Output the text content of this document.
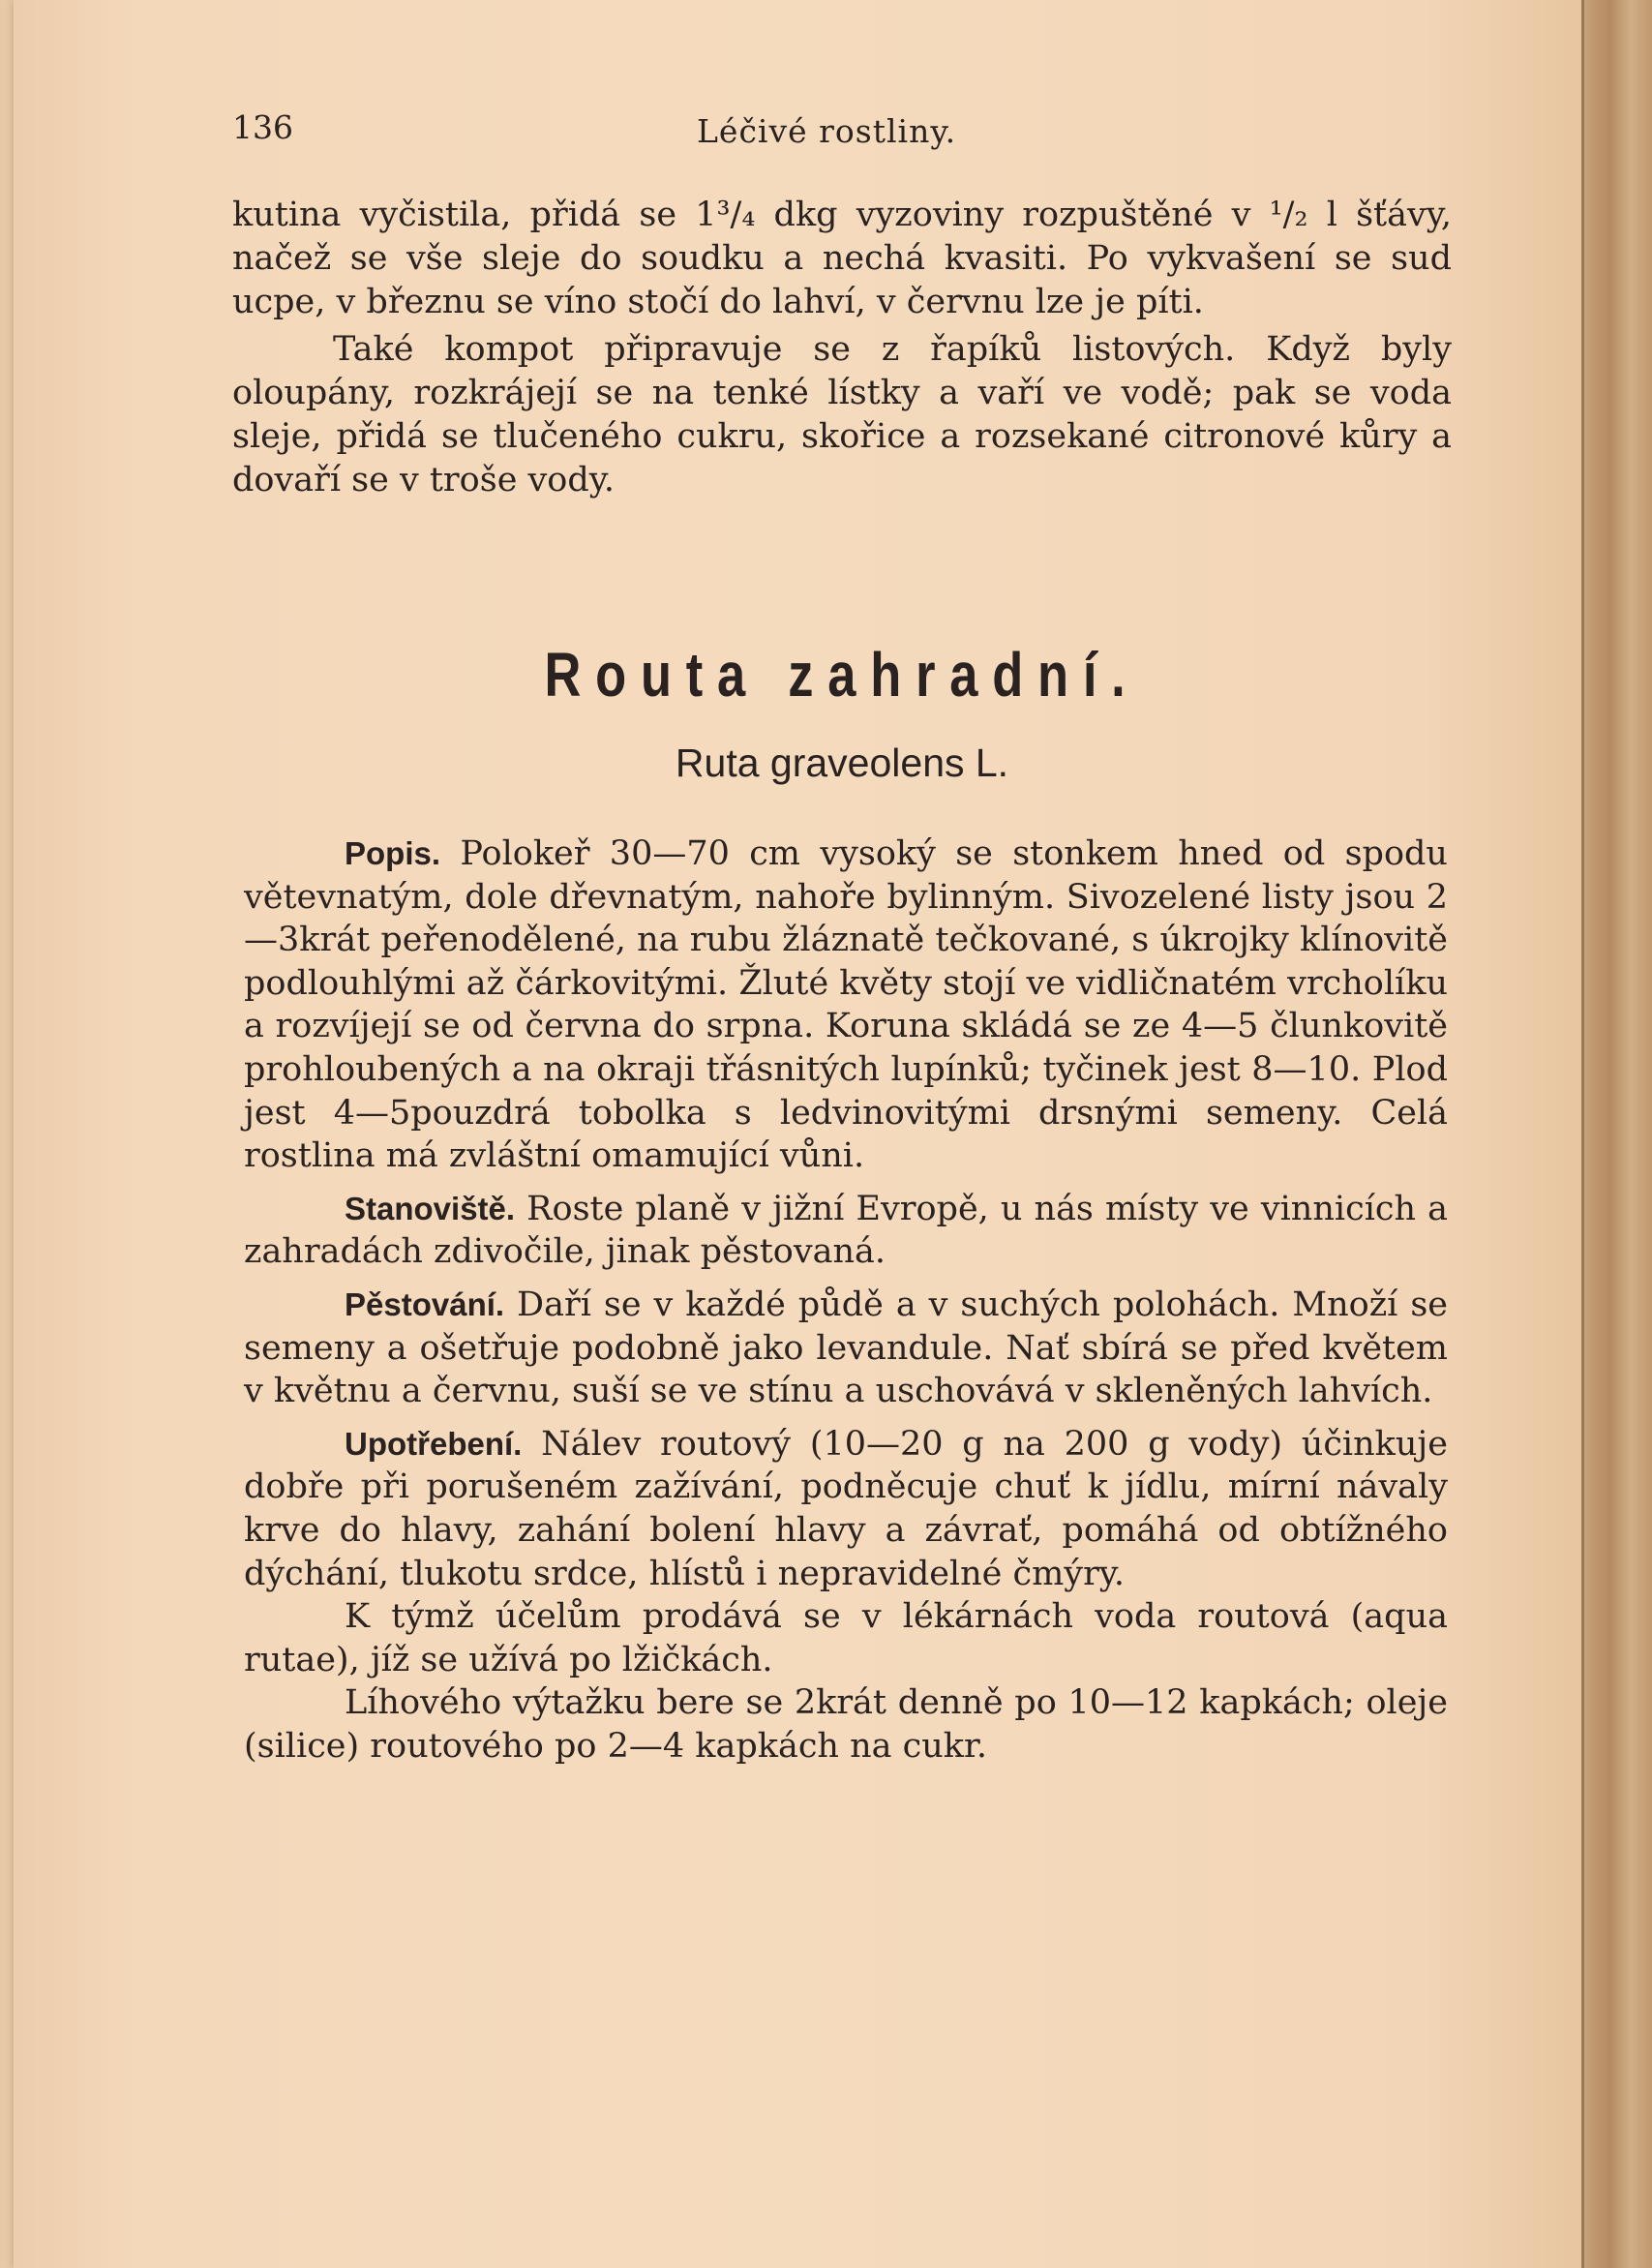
136	Léčivé rostliny.

kutina vyčistila, přidá se 1³/₄ dkg vyzoviny rozpuštěné v ¹/₂ l šťávy, načež se vše sleje do soudku a nechá kvasiti. Po vykvašení se sud ucpe, v březnu se víno stočí do lahví, v červnu lze je píti.

Také kompot připravuje se z řapíků listových. Když byly oloupány, rozkrájejí se na tenké lístky a vaří ve vodě; pak se voda sleje, přidá se tlučeného cukru, skořice a rozsekané citronové kůry a dovaří se v troše vody.

Routa zahradní.
Ruta graveolens L.

Popis. Polokeř 30—70 cm vysoký se stonkem hned od spodu větevnatým, dole dřevnatým, nahoře bylinným. Sivozelené listy jsou 2—3krát peřenodělené, na rubu žláznatě tečkované, s úkrojky klínovitě podlouhlými až čárkovitými. Žluté květy stojí ve vidličnatém vrcholíku a rozvíjejí se od června do srpna. Koruna skládá se ze 4—5 člunkovitě prohloubených a na okraji třásnitých lupínků; tyčinek jest 8—10. Plod jest 4—5pouzdrá tobolka s ledvinovitými drsnými semeny. Celá rostlina má zvláštní omamující vůni.

Stanoviště. Roste planě v jižní Evropě, u nás místy ve vinnicích a zahradách zdivočile, jinak pěstovaná.

Pěstování. Daří se v každé půdě a v suchých polohách. Množí se semeny a ošetřuje podobně jako levandule. Nať sbírá se před květem v květnu a červnu, suší se ve stínu a uschovává v skleněných lahvích.

Upotřebení. Nálev routový (10—20 g na 200 g vody) účinkuje dobře při porušeném zažívání, podněcuje chuť k jídlu, mírní návaly krve do hlavy, zahání bolení hlavy a závrať, pomáhá od obtížného dýchání, tlukotu srdce, hlístů i nepravidelné čmýry.

K týmž účelům prodává se v lékárnách voda routová (aqua rutae), jíž se užívá po lžičkách.

Líhového výtažku bere se 2krát denně po 10—12 kapkách; oleje (silice) routového po 2—4 kapkách na cukr.
